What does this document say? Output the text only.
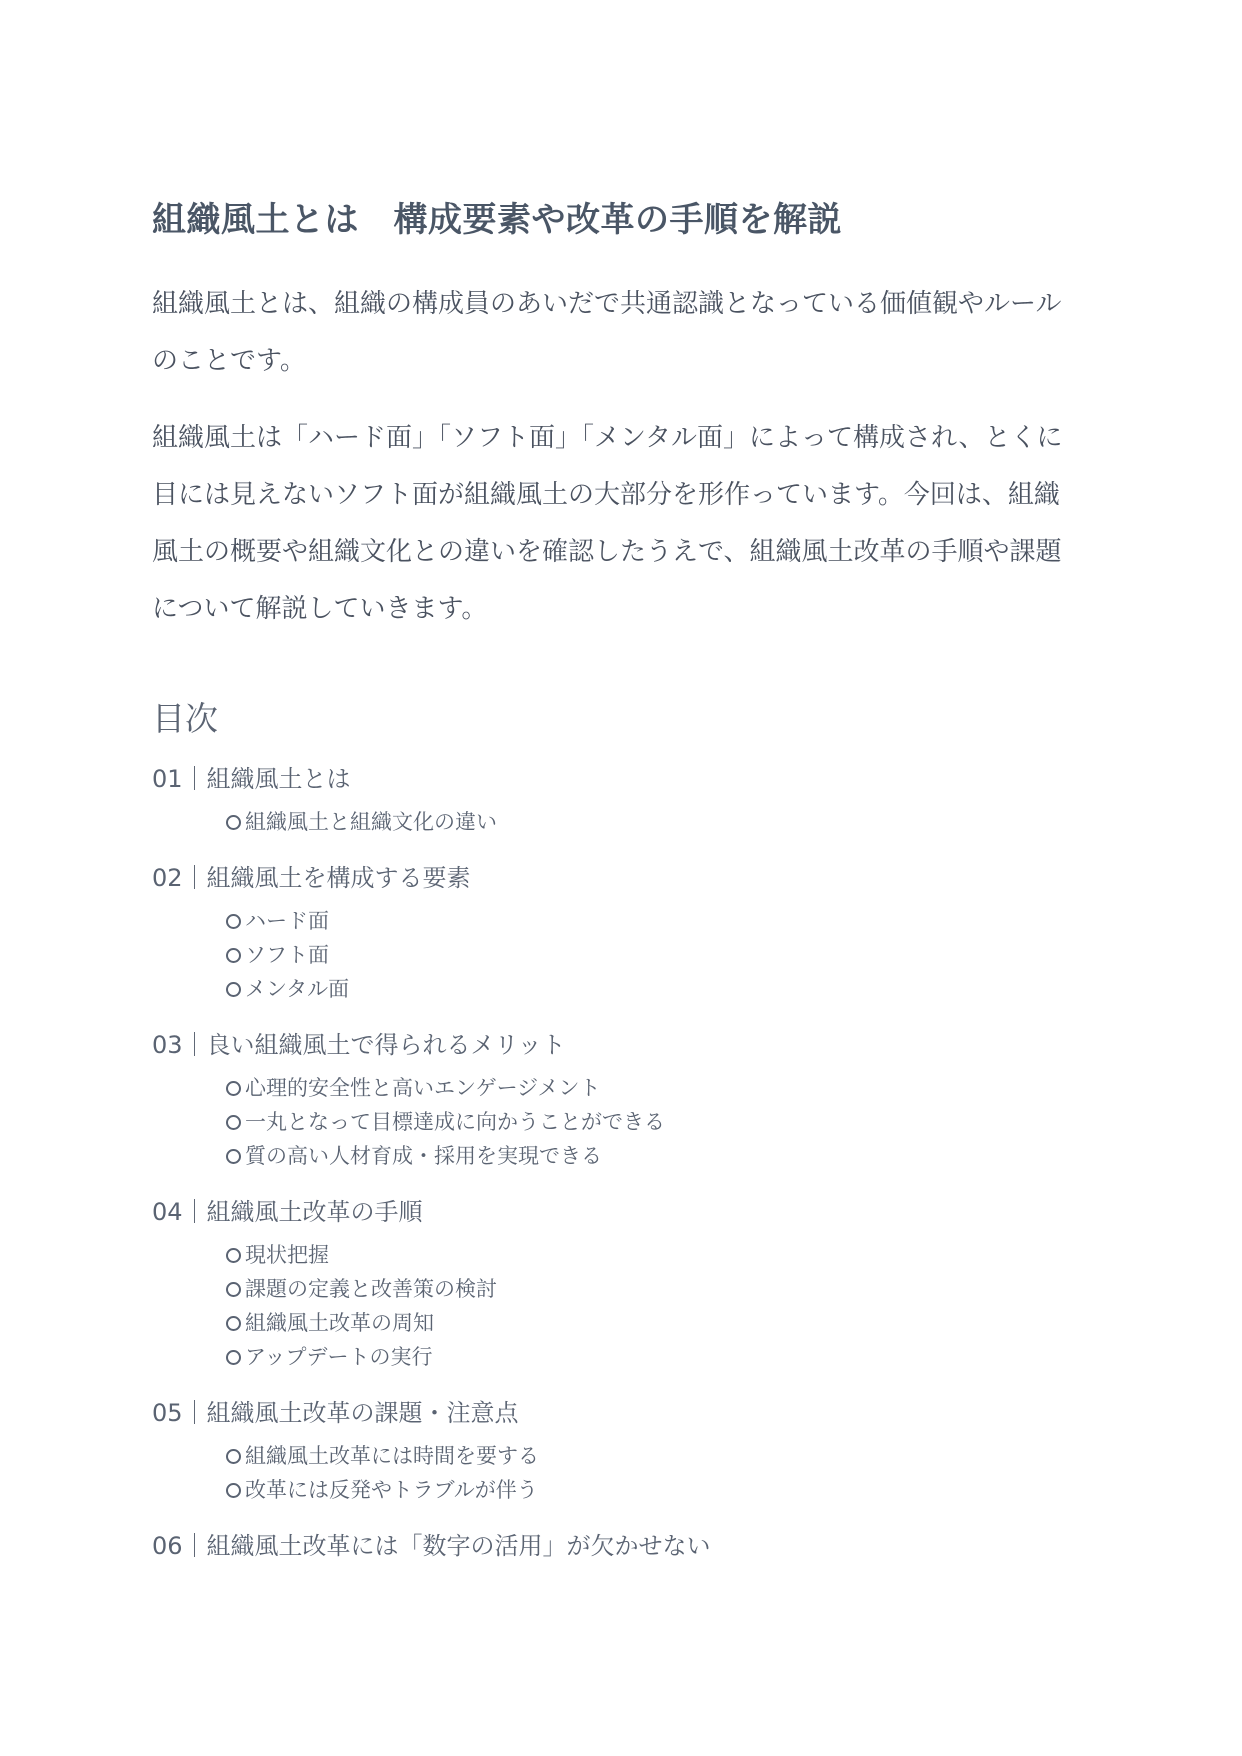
組織風土とは　構成要素や改革の手順を解説

組織風土とは、組織の構成員のあいだで共通認識となっている価値観やルールのことです。

組織風土は「ハード面」「ソフト面」「メンタル面」によって構成され、とくに目には見えないソフト面が組織風土の大部分を形作っています。今回は、組織風土の概要や組織文化との違いを確認したうえで、組織風土改革の手順や課題について解説していきます。

目次
01｜組織風土とは
組織風土と組織文化の違い
02｜組織風土を構成する要素
ハード面
ソフト面
メンタル面
03｜良い組織風土で得られるメリット
心理的安全性と高いエンゲージメント
一丸となって目標達成に向かうことができる
質の高い人材育成・採用を実現できる
04｜組織風土改革の手順
現状把握
課題の定義と改善策の検討
組織風土改革の周知
アップデートの実行
05｜組織風土改革の課題・注意点
組織風土改革には時間を要する
改革には反発やトラブルが伴う
06｜組織風土改革には「数字の活用」が欠かせない
